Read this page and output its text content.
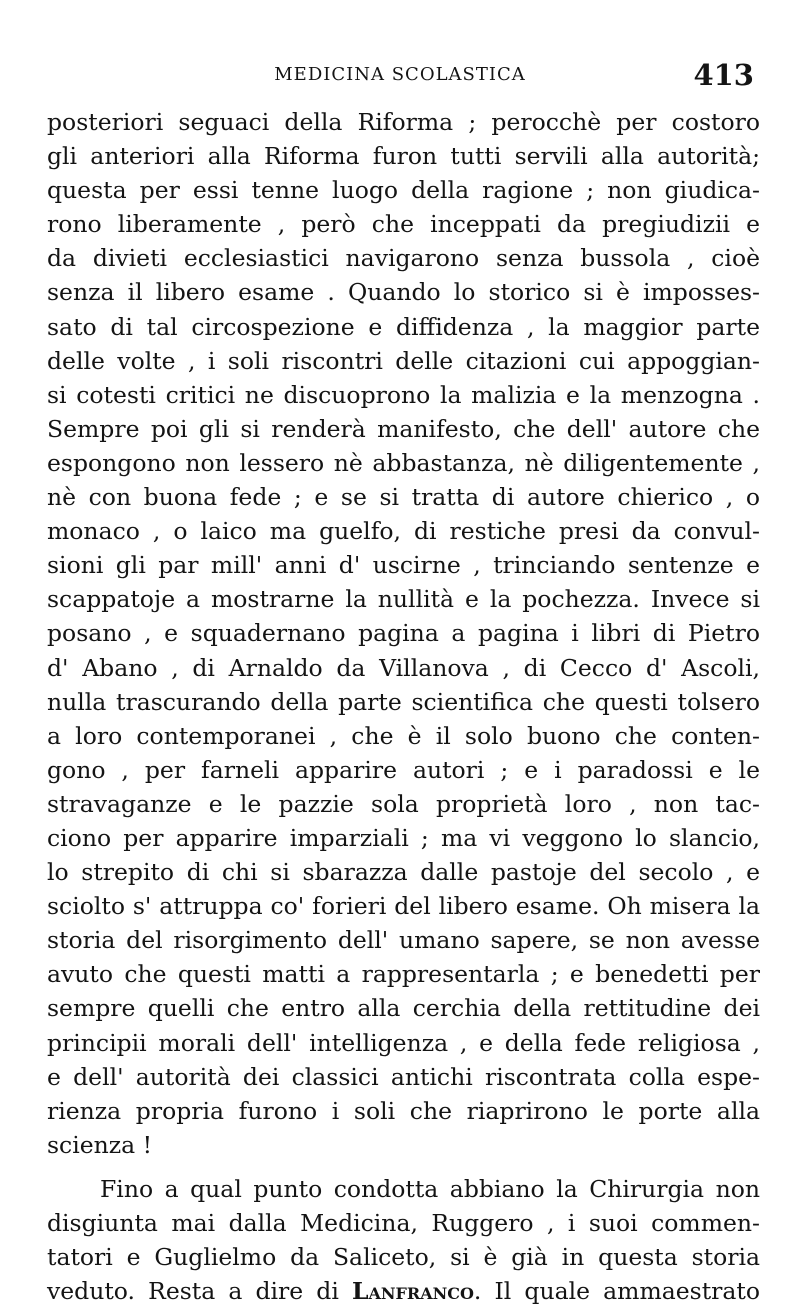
MEDICINA SCOLASTICA	413
posteriori seguaci della Riforma ; perocchè per costoro
gli anteriori alla Riforma furon tutti servili alla autorità;
questa per essi tenne luogo della ragione ; non giudica-
rono liberamente , però che inceppati da pregiudizii e
da divieti ecclesiastici navigarono senza bussola , cioè
senza il libero esame . Quando lo storico si è imposses-
sato di tal circospezione e diffidenza , la maggior parte
delle volte , i soli riscontri delle citazioni cui appoggian-
si cotesti critici ne discuoprono la malizia e la menzogna .
Sempre poi gli si renderà manifesto, che dell' autore che
espongono non lessero nè abbastanza, nè diligentemente ,
nè con buona fede ; e se si tratta di autore chierico , o
monaco , o laico ma guelfo, di restiche presi da convul-
sioni gli par mill' anni d' uscirne , trinciando sentenze e
scappatoje a mostrarne la nullità e la pochezza. Invece si
posano , e squadernano pagina a pagina i libri di Pietro
d' Abano , di Arnaldo da Villanova , di Cecco d' Ascoli,
nulla trascurando della parte scientifica che questi tolsero
a loro contemporanei , che è il solo buono che conten-
gono , per farneli apparire autori ; e i paradossi e le
stravaganze e le pazzie sola proprietà loro , non tac-
ciono per apparire imparziali ; ma vi veggono lo slancio,
lo strepito di chi si sbarazza dalle pastoje del secolo , e
sciolto s' attruppa co' forieri del libero esame. Oh misera la
storia del risorgimento dell' umano sapere, se non avesse
avuto che questi matti a rappresentarla ; e benedetti per
sempre quelli che entro alla cerchia della rettitudine dei
principii morali dell' intelligenza , e della fede religiosa ,
e dell' autorità dei classici antichi riscontrata colla espe-
rienza propria furono i soli che riaprirono le porte alla
scienza !
Fino a qual punto condotta abbiano la Chirurgia non
disgiunta mai dalla Medicina, Ruggero , i suoi commen-
tatori e Guglielmo da Saliceto, si è già in questa storia
veduto. Resta a dire di Lanfranco. Il quale ammaestrato
